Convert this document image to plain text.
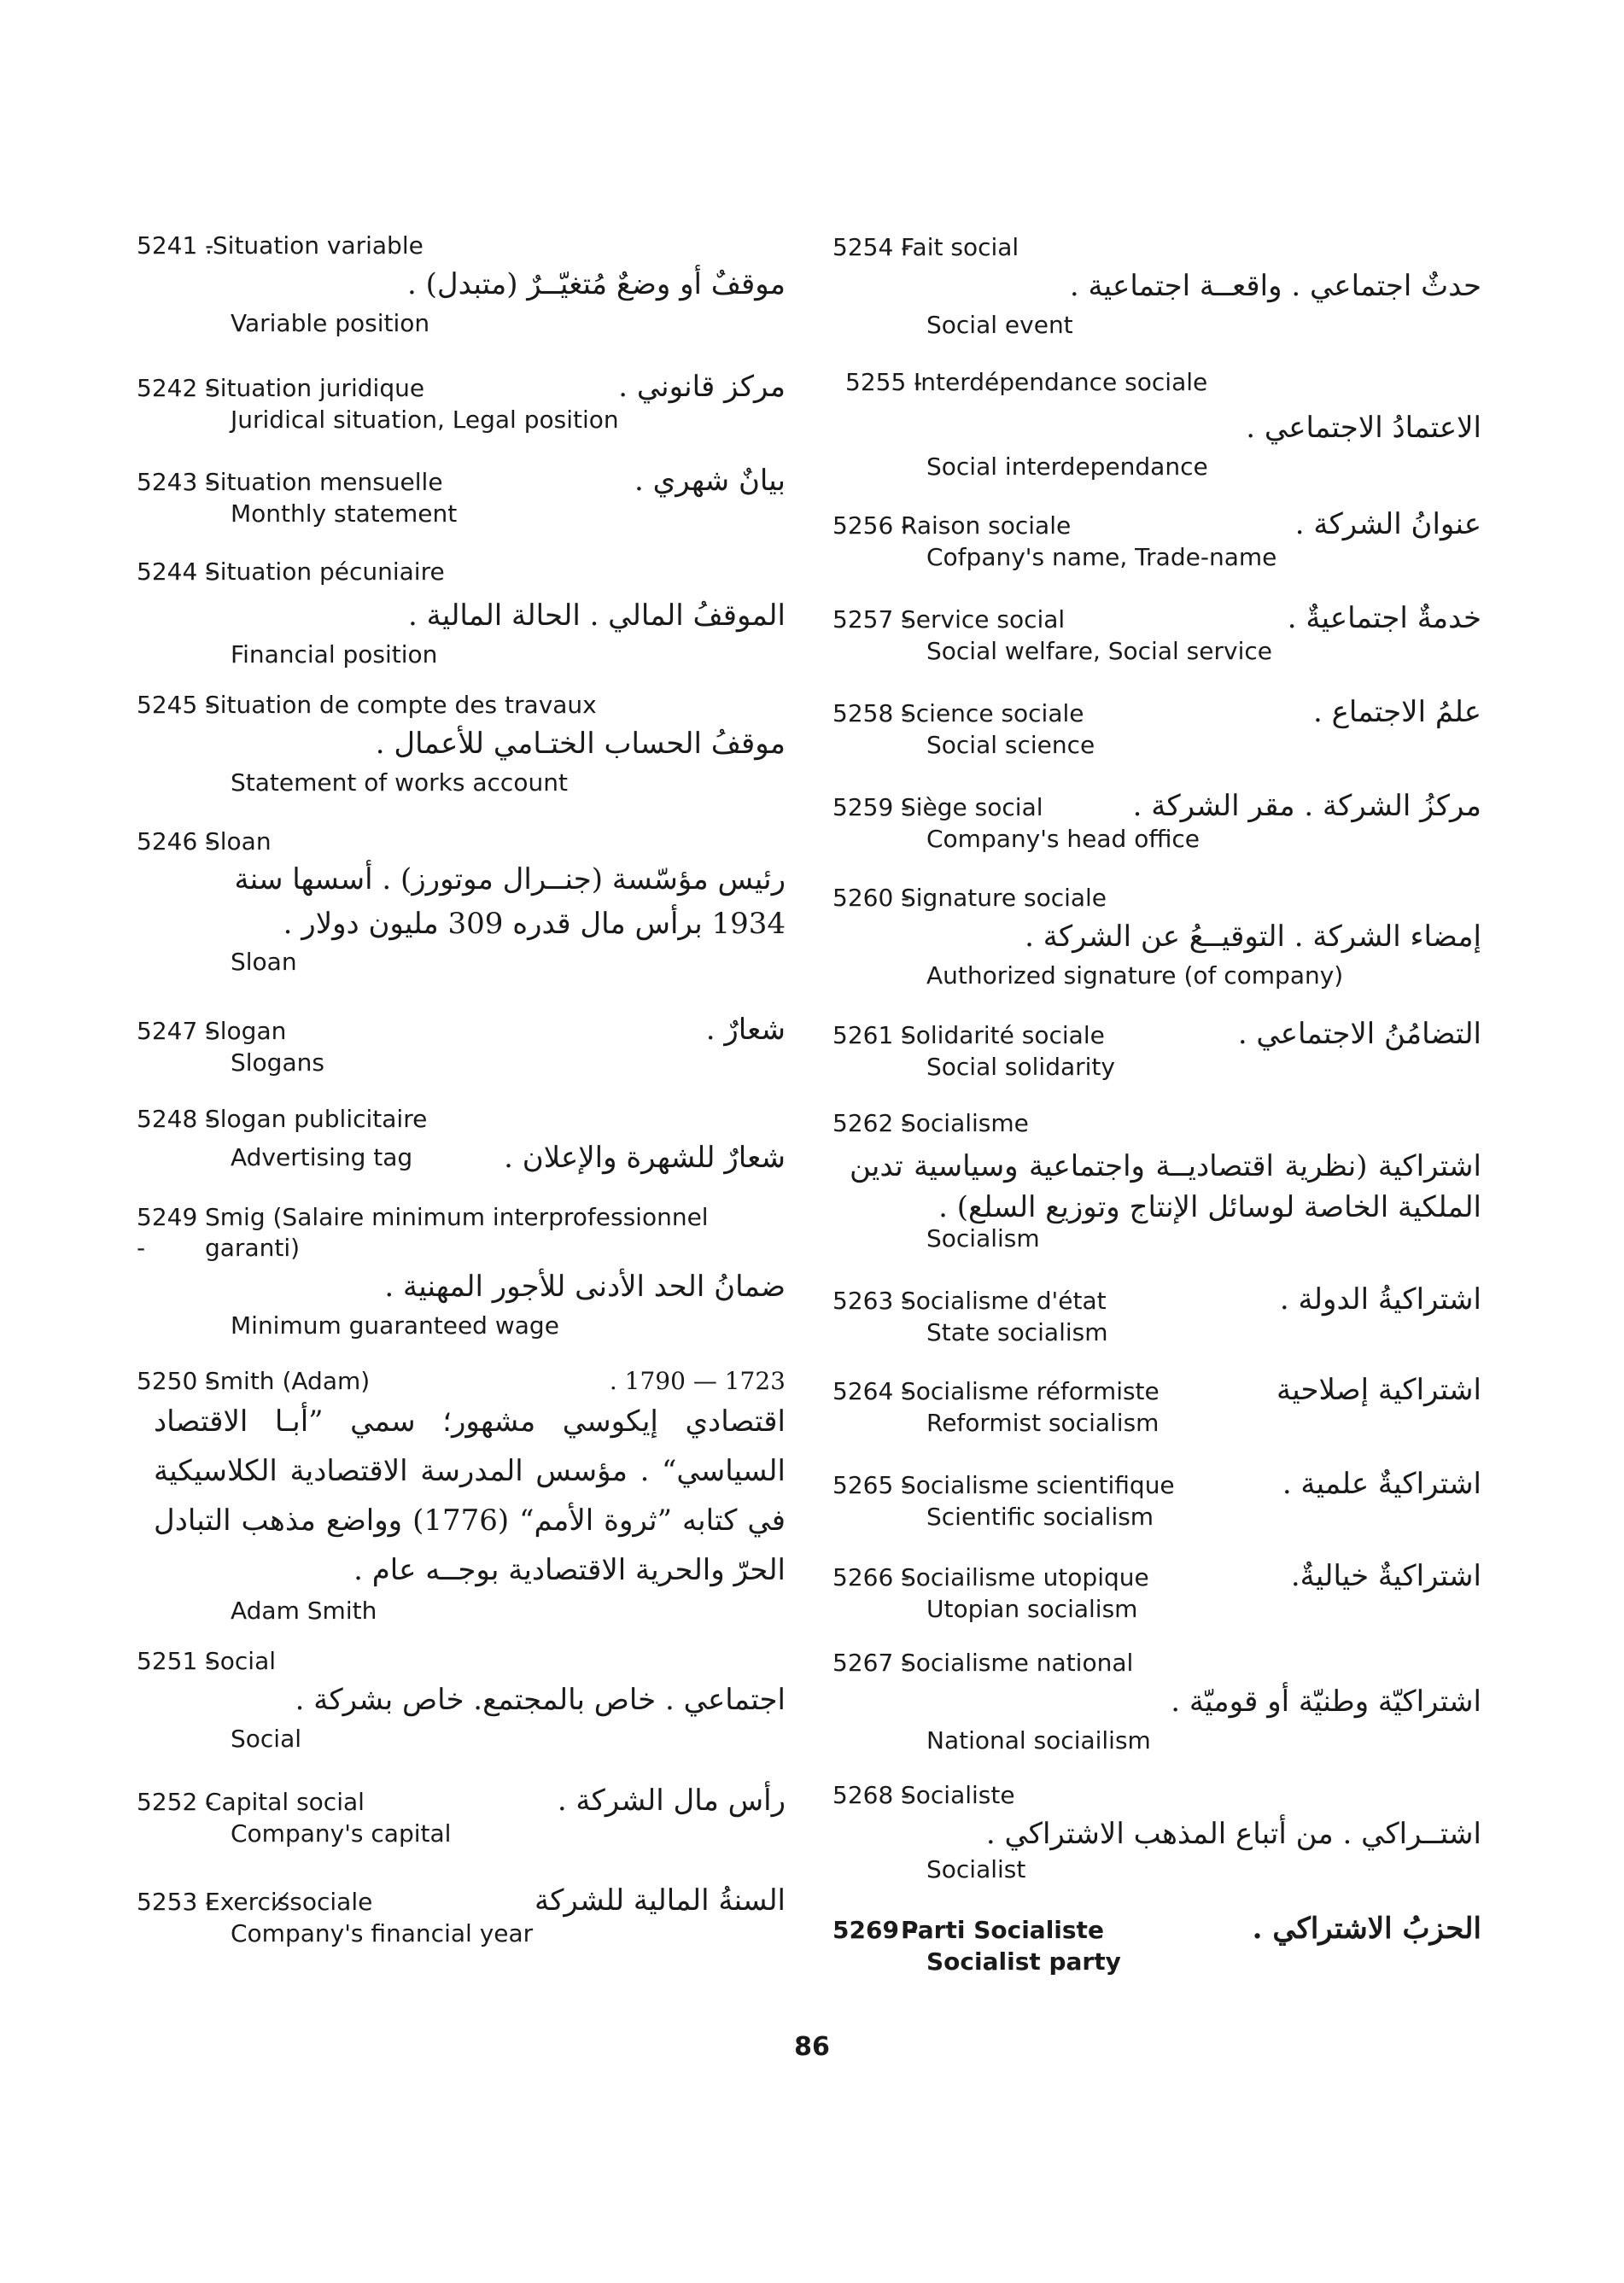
5241 -.Situation variable
موقفٌ أو وضعٌ مُتغيّــرٌ (متبدل) .
Variable position
5242 -Situation juridique	مركز قانوني .
Juridical situation, Legal position
5243 -Situation mensuelle	بيانٌ شهري .
Monthly statement
5244 -Situation pécuniaire
الموقفُ المالي . الحالة المالية .
Financial position
5245 -Situation de compte des travaux
موقفُ الحساب الختـامي للأعمال .
Statement of works account
5246 -Sloan
رئيس مؤسّسة (جنــرال موتورز) . أسسها سنة 1934 برأس مال قدره 309 مليون دولار .
Sloan
5247 -Slogan	شعارٌ .
Slogans
5248 -Slogan publicitaire
Advertising tag	شعارٌ للشهرة والإعلان .
5249 -
Smig (Salaire minimum interprofessionnel garanti)
ضمانُ الحد الأدنى للأجور المهنية .
Minimum guaranteed wage
5250 -Smith (Adam)	. 1790 — 1723
اقتصادي إيكوسي مشهور؛ سمي ”أبـا الاقتصاد السياسي“ . مؤسس المدرسة الاقتصادية الكلاسيكية في كتابه ”ثروة الأمم“ (1776) وواضع مذهب التبادل الحرّ والحرية الاقتصادية بوجــه عام .
Adam Smith
5251 -Social
اجتماعي . خاص بالمجتمع. خاص بشركة .
Social
5252 -Capital social	رأس مال الشركة .
Company's capital
5253 -Exercis̸sociale	السنةُ المالية للشركة
Company's financial year
5254 -Fait social
حدثٌ اجتماعي . واقعــة اجتماعية .
Social event
5255 -Interdépendance sociale
الاعتمادُ الاجتماعي .
Social interdependance
5256 -Raison sociale	عنوانُ الشركة .
Cofpany's name, Trade-name
5257 -Service social	خدمةٌ اجتماعيةٌ .
Social welfare, Social service
5258 -Science sociale	علمُ الاجتماع .
Social science
5259 -Siège social	مركزُ الشركة . مقر الشركة .
Company's head office
5260 -Signature sociale
إمضاء الشركة . التوقيــعُ عن الشركة .
Authorized signature (of company)
5261 -Solidarité sociale	التضامُنُ الاجتماعي .
Social solidarity
5262 -Socialisme
اشتراكية (نظرية اقتصاديــة واجتماعية وسياسية تدين الملكية الخاصة لوسائل الإنتاج وتوزيع السلع) .
Socialism
5263 -Socialisme d'état	اشتراكيةُ الدولة .
State socialism
5264 -Socialisme réformiste	اشتراكية إصلاحية
Reformist socialism
5265 -Socialisme scientifique	اشتراكيةٌ علمية .
Scientific socialism
5266 -Sociailisme utopique	اشتراكيةٌ خياليةٌ.
Utopian socialism
5267 -Socialisme national
اشتراكيّة وطنيّة أو قوميّة .
National sociailism
5268 -Socialiste
اشتــراكي . من أتباع المذهب الاشتراكي .
Socialist
5269 -Parti Socialiste	الحزبُ الاشتراكي .
Socialist party
86
